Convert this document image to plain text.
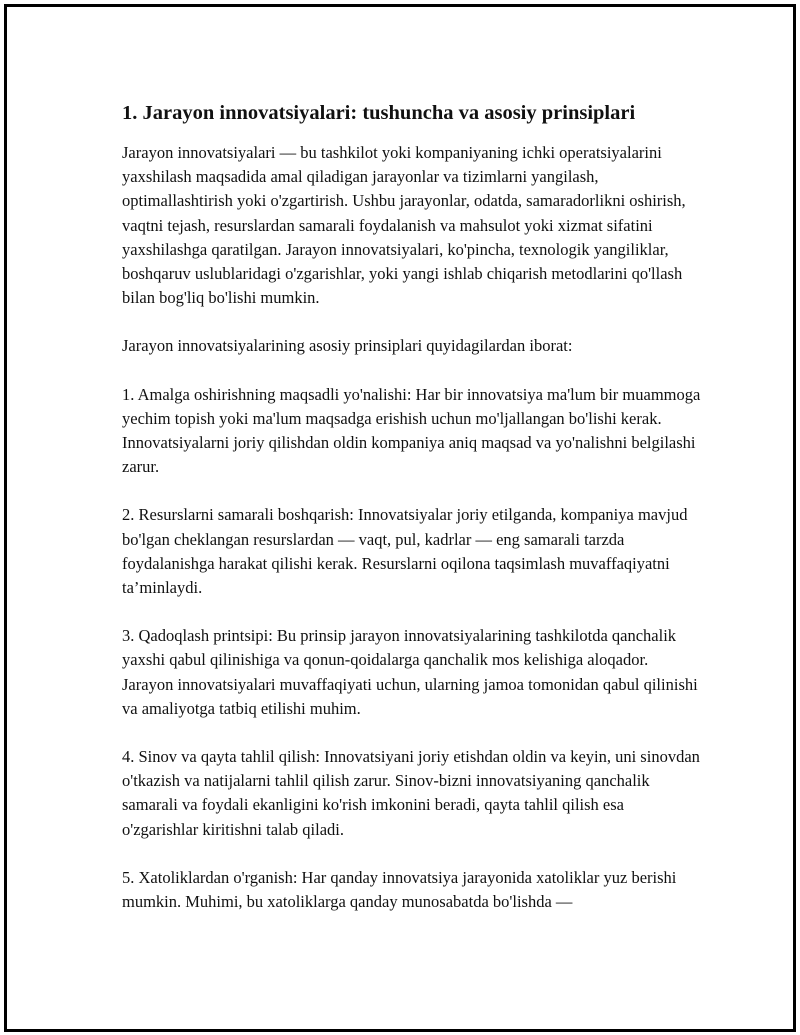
1. Jarayon innovatsiyalari: tushuncha va asosiy prinsiplari

Jarayon innovatsiyalari — bu tashkilot yoki kompaniyaning ichki operatsiyalarini yaxshilash maqsadida amal qiladigan jarayonlar va tizimlarni yangilash, optimallashtirish yoki o'zgartirish. Ushbu jarayonlar, odatda, samaradorlikni oshirish, vaqtni tejash, resurslardan samarali foydalanish va mahsulot yoki xizmat sifatini yaxshilashga qaratilgan. Jarayon innovatsiyalari, ko'pincha, texnologik yangiliklar, boshqaruv uslublaridagi o'zgarishlar, yoki yangi ishlab chiqarish metodlarini qo'llash bilan bog'liq bo'lishi mumkin.

Jarayon innovatsiyalarining asosiy prinsiplari quyidagilardan iborat:

1. Amalga oshirishning maqsadli yo'nalishi: Har bir innovatsiya ma'lum bir muammoga yechim topish yoki ma'lum maqsadga erishish uchun mo'ljallangan bo'lishi kerak. Innovatsiyalarni joriy qilishdan oldin kompaniya aniq maqsad va yo'nalishni belgilashi zarur.

2. Resurslarni samarali boshqarish: Innovatsiyalar joriy etilganda, kompaniya mavjud bo'lgan cheklangan resurslardan — vaqt, pul, kadrlar — eng samarali tarzda foydalanishga harakat qilishi kerak. Resurslarni oqilona taqsimlash muvaffaqiyatni ta’minlaydi.

3. Qadoqlash printsipi: Bu prinsip jarayon innovatsiyalarining tashkilotda qanchalik yaxshi qabul qilinishiga va qonun-qoidalarga qanchalik mos kelishiga aloqador. Jarayon innovatsiyalari muvaffaqiyati uchun, ularning jamoa tomonidan qabul qilinishi va amaliyotga tatbiq etilishi muhim.

4. Sinov va qayta tahlil qilish: Innovatsiyani joriy etishdan oldin va keyin, uni sinovdan o'tkazish va natijalarni tahlil qilish zarur. Sinov-bizni innovatsiyaning qanchalik samarali va foydali ekanligini ko'rish imkonini beradi, qayta tahlil qilish esa o'zgarishlar kiritishni talab qiladi.

5. Xatoliklardan o'rganish: Har qanday innovatsiya jarayonida xatoliklar yuz berishi mumkin. Muhimi, bu xatoliklarga qanday munosabatda bo'lishda —
